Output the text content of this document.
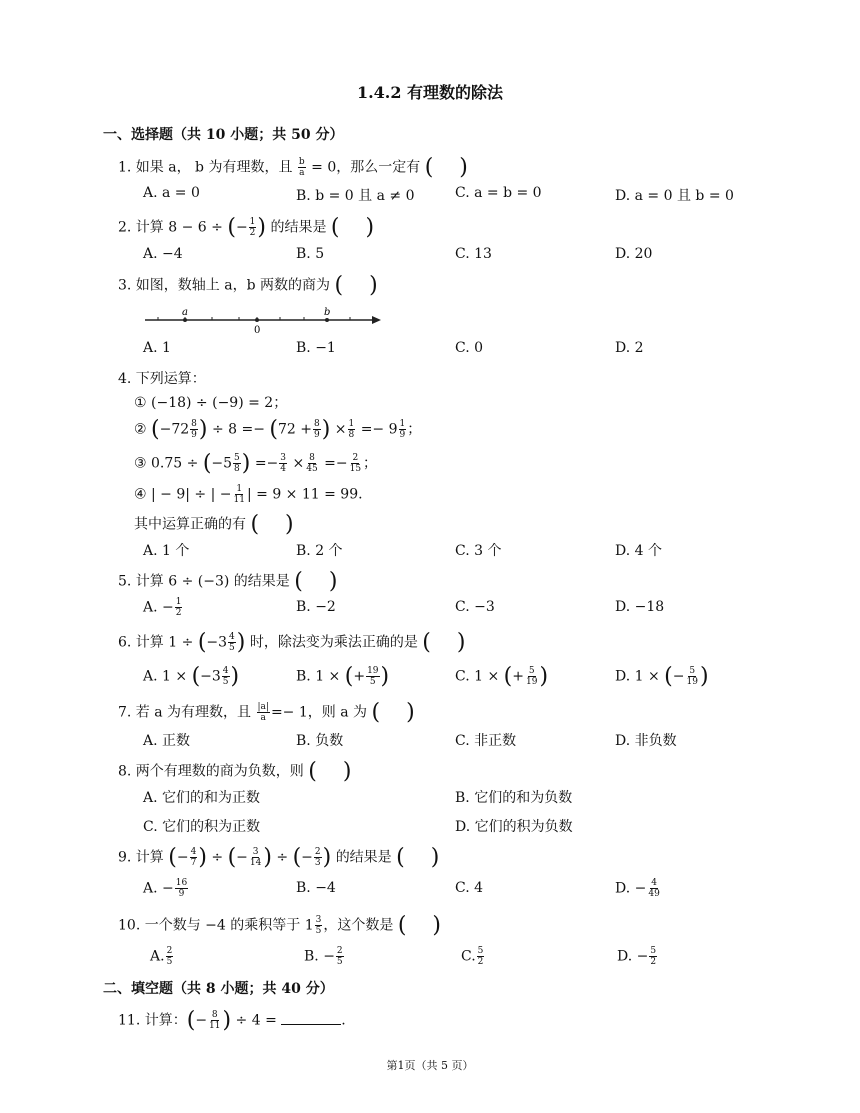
1.4.2 有理数的除法
一、选择题（共 10 小题；共 50 分）
1. 如果 a， b 为有理数，且 $\frac{b}{a} = 0$，那么一定有 ( )
A. a = 0	B. b = 0 且 a ≠ 0	C. a = b = 0	D. a = 0 且 b = 0
2. 计算 8 − 6 ÷ (− $\frac{1}{2}$ ) 的结果是 ( )
A. −4	B. 5	C. 13	D. 20
3. 如图，数轴上 a，b 两数的商为 ( )
a
0
b
A. 1	B. −1	C. 0	D. 2
4. 下列运算：
① (−18) ÷ (−9) = 2；
② ($-72 \frac{8}{9}$ ) ÷ $8 =- (72 + \frac{8}{9}$ ) × $\frac{1}{8} =- 9 \frac{1}{9}$ ；
③ $0.75 \div (-5 \frac{5}{8}$ ) =− $\frac{3}{4} \times \frac{8}{45} =- \frac{2}{15}$ ；
④ | − 9| ÷ | − $\frac{1}{11}$ | = 9 × 11 = 99.
其中运算正确的有 ( )
A. 1 个	B. 2 个	C. 3 个	D. 4 个
5. 计算 6 ÷ (−3) 的结果是 ( )
A. − $\frac{1}{2}$	B. −2	C. −3	D. −18
6. 计算 $1 \div (-3 \frac{4}{5}$ ) 时，除法变为乘法正确的是 ( )
A. $1 \times (-3 \frac{4}{5}$ )	B. 1 × (+ $\frac{19}{5}$ )	C. 1 × (+ $\frac{5}{19}$ )	D. 1 × (− $\frac{5}{19}$ )
7. 若 a 为有理数，且 $\frac{|a|}{a} =- 1$，则 a 为 ( )
A. 正数	B. 负数	C. 非正数	D. 非负数
8. 两个有理数的商为负数，则 ( )
A. 它们的和为正数	B. 它们的和为负数
C. 它们的积为正数	D. 它们的积为负数
9. 计算 (− $\frac{4}{7}$ ) ÷ (− $\frac{3}{14}$ ) ÷ (− $\frac{2}{3}$ ) 的结果是 ( )
A. − $\frac{16}{9}$	B. −4	C. 4	D. − $\frac{4}{49}$
10. 一个数与 −4 的乘积等于 $1 \frac{3}{5}$ ，这个数是 ( )
A. $\frac{2}{5}$	B. − $\frac{2}{5}$	C. $\frac{5}{2}$	D. − $\frac{5}{2}$
二、填空题（共 8 小题；共 40 分）
11. 计算：(− $\frac{8}{11}$ ) ÷ 4 =	.
第1页（共 5 页）
